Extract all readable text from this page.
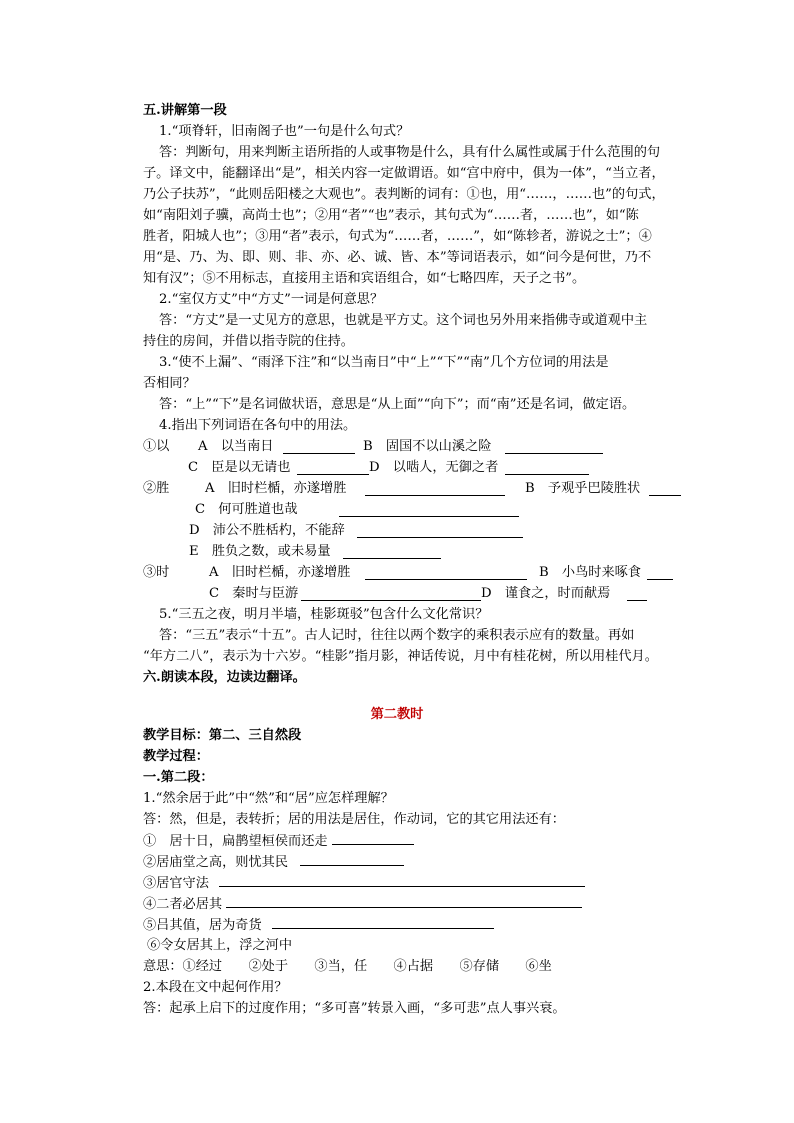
五.讲解第一段
1.“项脊轩，旧南阁子也”一句是什么句式？
答：判断句，用来判断主语所指的人或事物是什么，具有什么属性或属于什么范围的句
子。译文中，能翻译出“是”，相关内容一定做谓语。如“宫中府中，俱为一体”，“当立者，
乃公子扶苏”，“此则岳阳楼之大观也”。表判断的词有：①也，用“……，……也”的句式，
如“南阳刘子骥，高尚士也”；②用“者”“也”表示，其句式为“……者，……也”，如“陈
胜者，阳城人也”；③用“者”表示，句式为“……者，……”，如“陈轸者，游说之士”；④
用“是、乃、为、即、则、非、亦、必、诚、皆、本”等词语表示，如“问今是何世，乃不
知有汉”；⑤不用标志，直接用主语和宾语组合，如“七略四库，天子之书”。
2.“室仅方丈”中“方丈”一词是何意思？
答：“方丈”是一丈见方的意思，也就是平方丈。这个词也另外用来指佛寺或道观中主
持住的房间，并借以指寺院的住持。
3.“使不上漏”、“雨泽下注”和“以当南日”中“上”“下”“南”几个方位词的用法是
否相同？
答：“上”“下”是名词做状语，意思是“从上面”“向下”；而“南”还是名词，做定语。
4.指出下列词语在各句中的用法。
①以 A　以当南日	B　固国不以山溪之险
C　臣是以无请也	D　以啮人，无御之者
②胜	A　旧时栏楯，亦遂增胜	B　予观乎巴陵胜状
C　何可胜道也哉
D　沛公不胜栝杓，不能辞
E　胜负之数，或未易量
③时	A　旧时栏楯，亦遂增胜	B　小鸟时来啄食
C　秦时与臣游	D　谨食之，时而献焉
5.“三五之夜，明月半墙，桂影斑驳”包含什么文化常识？
答：“三五”表示“十五”。古人记时，往往以两个数字的乘积表示应有的数量。再如
“年方二八”，表示为十六岁。“桂影”指月影，神话传说，月中有桂花树，所以用桂代月。
六.朗读本段，边读边翻译。
第二教时
教学目标：第二、三自然段
教学过程：
一.第二段：
1.“然余居于此”中“然”和“居”应怎样理解？
答：然，但是，表转折；居的用法是居住，作动词，它的其它用法还有：
①　居十日，扁鹊望桓侯而还走
②居庙堂之高，则忧其民
③居官守法
④二者必居其
⑤吕其值，居为奇货
⑥令女居其上，浮之河中
意思：①经过　　②处于　　③当，任　　④占据　　⑤存储　　⑥坐
2.本段在文中起何作用？
答：起承上启下的过度作用；“多可喜”转景入画，“多可悲”点人事兴衰。
